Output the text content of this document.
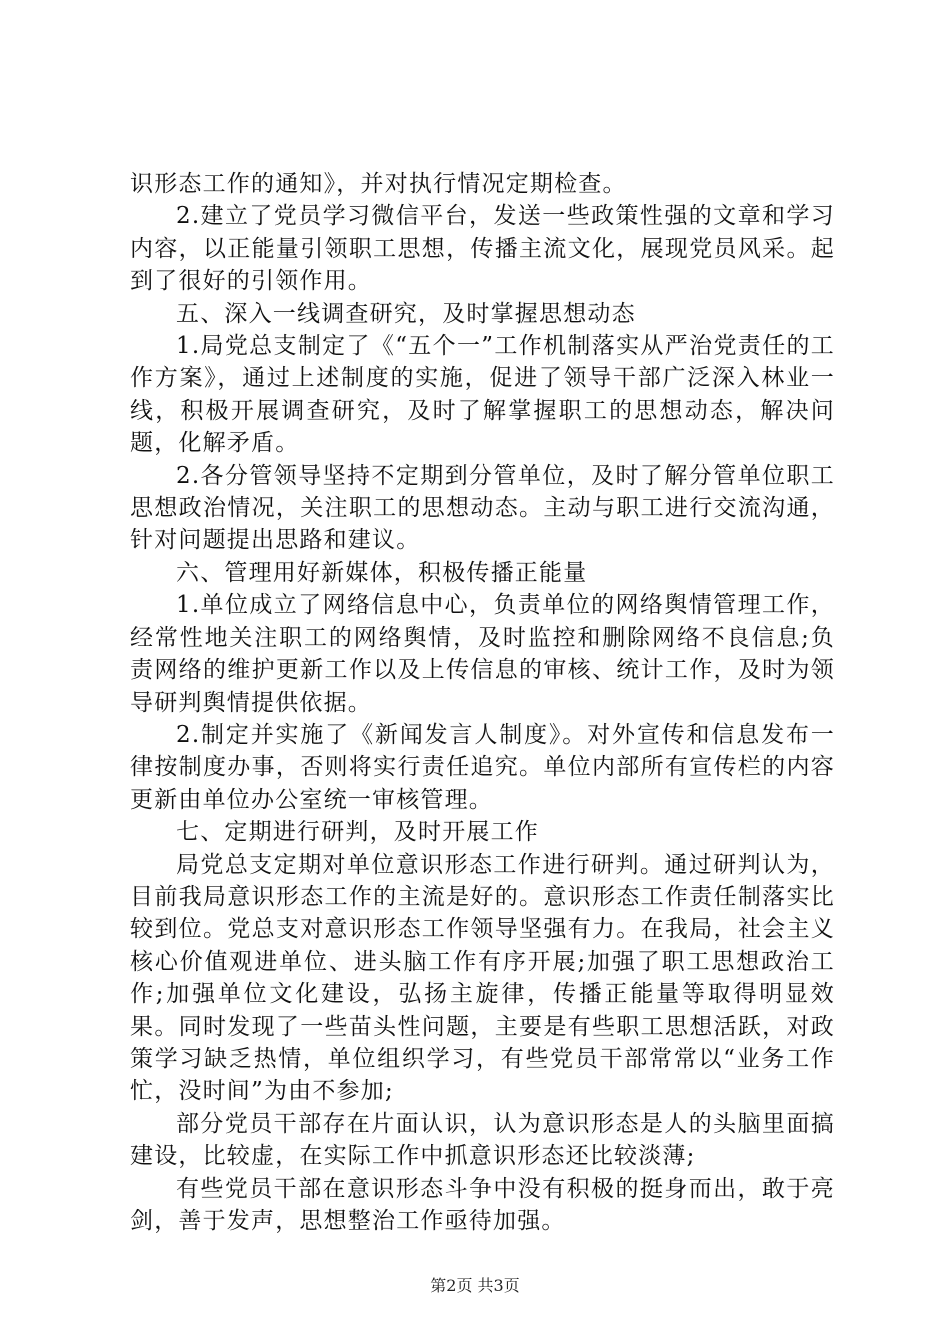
识形态工作的通知》，并对执行情况定期检查。

2.建立了党员学习微信平台，发送一些政策性强的文章和学习内容，以正能量引领职工思想，传播主流文化，展现党员风采。起到了很好的引领作用。

五、深入一线调查研究，及时掌握思想动态

1.局党总支制定了《“五个一”工作机制落实从严治党责任的工作方案》，通过上述制度的实施，促进了领导干部广泛深入林业一线，积极开展调查研究，及时了解掌握职工的思想动态，解决问题，化解矛盾。

2.各分管领导坚持不定期到分管单位，及时了解分管单位职工思想政治情况，关注职工的思想动态。主动与职工进行交流沟通，针对问题提出思路和建议。

六、管理用好新媒体，积极传播正能量

1.单位成立了网络信息中心，负责单位的网络舆情管理工作，经常性地关注职工的网络舆情，及时监控和删除网络不良信息;负责网络的维护更新工作以及上传信息的审核、统计工作，及时为领导研判舆情提供依据。

2.制定并实施了《新闻发言人制度》。对外宣传和信息发布一律按制度办事，否则将实行责任追究。单位内部所有宣传栏的内容更新由单位办公室统一审核管理。

七、定期进行研判，及时开展工作

局党总支定期对单位意识形态工作进行研判。通过研判认为，目前我局意识形态工作的主流是好的。意识形态工作责任制落实比较到位。党总支对意识形态工作领导坚强有力。在我局，社会主义核心价值观进单位、进头脑工作有序开展;加强了职工思想政治工作;加强单位文化建设，弘扬主旋律，传播正能量等取得明显效果。同时发现了一些苗头性问题，主要是有些职工思想活跃，对政策学习缺乏热情，单位组织学习，有些党员干部常常以“业务工作忙，没时间”为由不参加;

部分党员干部存在片面认识，认为意识形态是人的头脑里面搞建设，比较虚，在实际工作中抓意识形态还比较淡薄;

有些党员干部在意识形态斗争中没有积极的挺身而出，敢于亮剑，善于发声，思想整治工作亟待加强。

第2页 共3页
